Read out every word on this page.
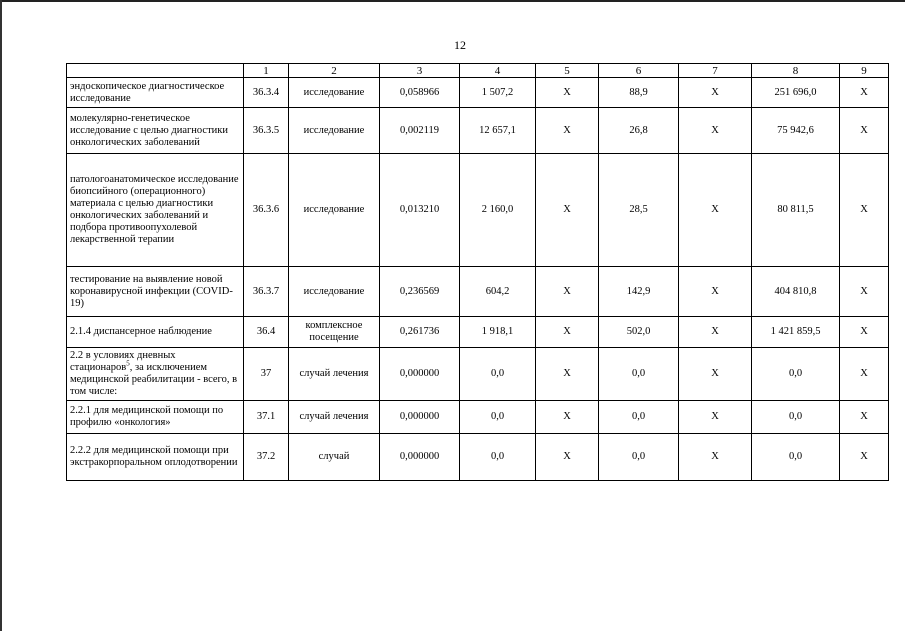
12
	1	2	3	4	5	6	7	8	9
эндоскопическое диагностическое исследование	36.3.4	исследование	0,058966	1 507,2	X	88,9	X	251 696,0	X
молекулярно-генетическое исследование с целью диагностики онкологических заболеваний	36.3.5	исследование	0,002119	12 657,1	X	26,8	X	75 942,6	X
патологоанатомическое исследование биопсийного (операционного) материала с целью диагностики онкологических заболеваний и подбора противоопухолевой лекарственной терапии	36.3.6	исследование	0,013210	2 160,0	X	28,5	X	80 811,5	X
тестирование на выявление новой коронавирусной инфекции (COVID-19)	36.3.7	исследование	0,236569	604,2	X	142,9	X	404 810,8	X
2.1.4 диспансерное наблюдение	36.4	комплексное посещение	0,261736	1 918,1	X	502,0	X	1 421 859,5	X
2.2 в условиях дневных стационаров$^5$, за исключением медицинской реабилитации - всего, в том числе:	37	случай лечения	0,000000	0,0	X	0,0	X	0,0	X
2.2.1 для медицинской помощи по профилю «онкология»	37.1	случай лечения	0,000000	0,0	X	0,0	X	0,0	X
2.2.2 для медицинской помощи при экстракорпоральном оплодотворении	37.2	случай	0,000000	0,0	X	0,0	X	0,0	X
